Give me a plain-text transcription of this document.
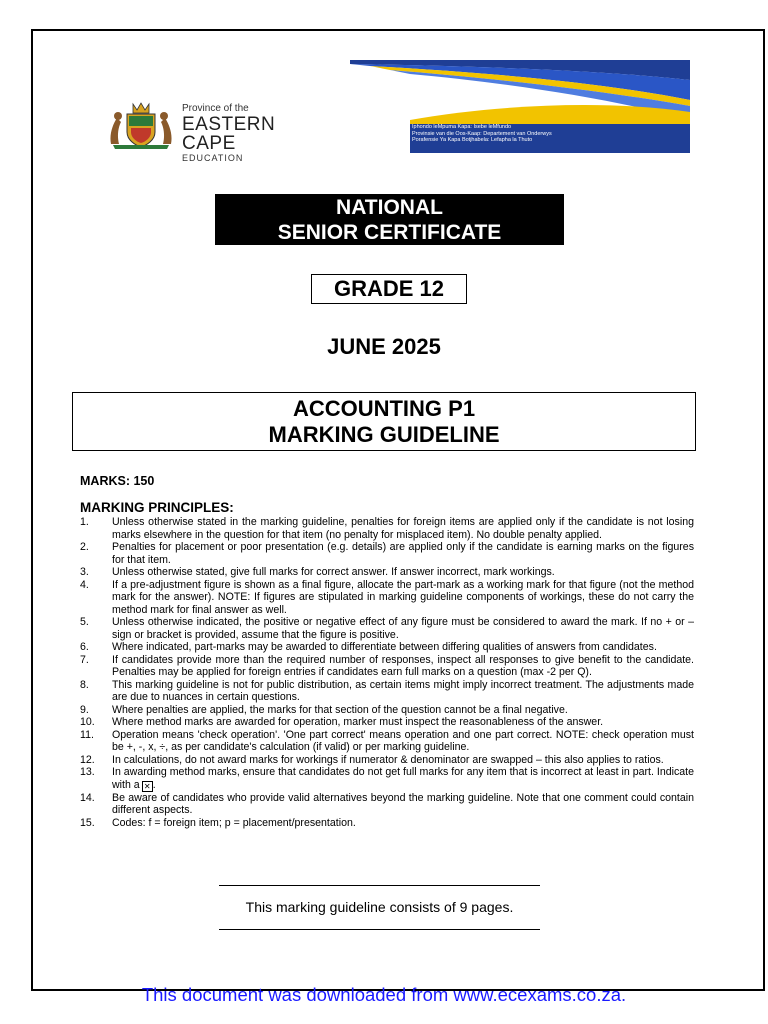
Province of the
EASTERN CAPE
EDUCATION
Iphondo leMpuma Kapa: Isebe leMfundo
Provinsie van die Oos-Kaap: Departement van Onderwys
Porafensie Ya Kapa Botjhabela: Lefapha la Thuto
NATIONAL
SENIOR CERTIFICATE
GRADE 12
JUNE 2025
ACCOUNTING P1
MARKING GUIDELINE
MARKS: 150
MARKING PRINCIPLES:
1.	Unless otherwise stated in the marking guideline, penalties for foreign items are applied only if the candidate is not losing marks elsewhere in the question for that item (no penalty for misplaced item). No double penalty applied.
2.	Penalties for placement or poor presentation (e.g. details) are applied only if the candidate is earning marks on the figures for that item.
3.	Unless otherwise stated, give full marks for correct answer. If answer incorrect, mark workings.
4.	If a pre-adjustment figure is shown as a final figure, allocate the part-mark as a working mark for that figure (not the method mark for the answer). NOTE: If figures are stipulated in marking guideline components of workings, these do not carry the method mark for final answer as well.
5.	Unless otherwise indicated, the positive or negative effect of any figure must be considered to award the mark. If no + or – sign or bracket is provided, assume that the figure is positive.
6.	Where indicated, part-marks may be awarded to differentiate between differing qualities of answers from candidates.
7.	If candidates provide more than the required number of responses, inspect all responses to give benefit to the candidate. Penalties may be applied for foreign entries if candidates earn full marks on a question (max -2 per Q).
8.	This marking guideline is not for public distribution, as certain items might imply incorrect treatment. The adjustments made are due to nuances in certain questions.
9.	Where penalties are applied, the marks for that section of the question cannot be a final negative.
10.	Where method marks are awarded for operation, marker must inspect the reasonableness of the answer.
11.	Operation means 'check operation'. 'One part correct' means operation and one part correct. NOTE: check operation must be +, -, x, ÷, as per candidate's calculation (if valid) or per marking guideline.
12.	In calculations, do not award marks for workings if numerator & denominator are swapped – this also applies to ratios.
13.	In awarding method marks, ensure that candidates do not get full marks for any item that is incorrect at least in part. Indicate with a ✕ .
14.	Be aware of candidates who provide valid alternatives beyond the marking guideline. Note that one comment could contain different aspects.
15.	Codes: f = foreign item; p = placement/presentation.
This marking guideline consists of 9 pages.
This document was downloaded from www.ecexams.co.za.
